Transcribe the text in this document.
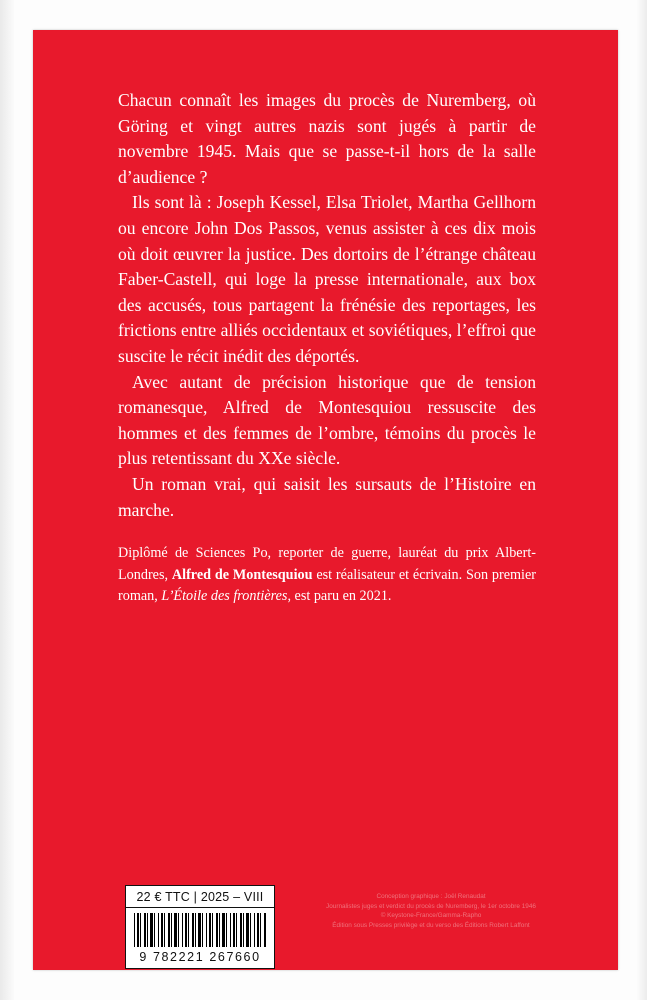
Chacun connaît les images du procès de Nuremberg, où Göring et vingt autres nazis sont jugés à partir de novembre 1945. Mais que se passe-t-il hors de la salle d’audience ?

Ils sont là : Joseph Kessel, Elsa Triolet, Martha Gellhorn ou encore John Dos Passos, venus assister à ces dix mois où doit œuvrer la justice. Des dortoirs de l’étrange château Faber-Castell, qui loge la presse internationale, aux box des accusés, tous partagent la frénésie des reportages, les frictions entre alliés occidentaux et soviétiques, l’effroi que suscite le récit inédit des déportés.

Avec autant de précision historique que de tension romanesque, Alfred de Montesquiou ressuscite des hommes et des femmes de l’ombre, témoins du procès le plus retentissant du XXe siècle.

Un roman vrai, qui saisit les sursauts de l’Histoire en marche.

Diplômé de Sciences Po, reporter de guerre, lauréat du prix Albert-Londres, Alfred de Montesquiou est réalisateur et écrivain. Son premier roman, L’Étoile des frontières, est paru en 2021.
22 € TTC | 2025 – VIII
9 782221 267660
Conception graphique : Joël Renaudat
Journalistes juges et verdict du procès de Nuremberg, le 1er octobre 1946
© Keystone-France/Gamma-Rapho
Édition sous Presses privilège et du verso des Éditions Robert Laffont
